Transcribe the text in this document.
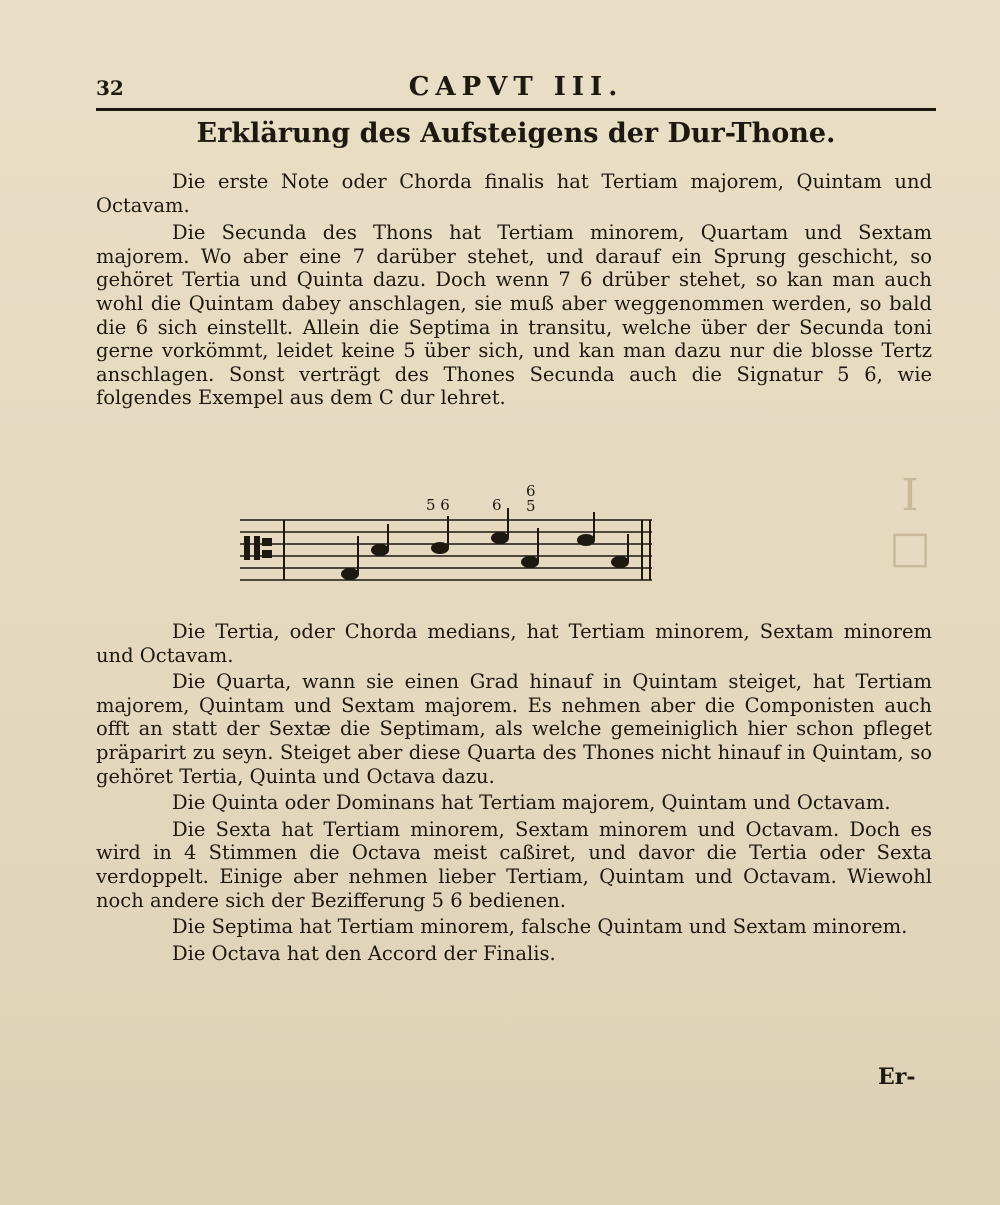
32	CAPVT III.
Erklärung des Aufsteigens der Dur-Thone.

Die erste Note oder Chorda finalis hat Tertiam majorem, Quintam und Octavam.

Die Secunda des Thons hat Tertiam minorem, Quartam und Sextam majorem. Wo aber eine 7 darüber stehet, und darauf ein Sprung geschicht, so gehöret Tertia und Quinta dazu. Doch wenn 7 6 drüber stehet, so kan man auch wohl die Quintam dabey anschlagen, sie muß aber weggenommen werden, so bald die 6 sich einstellt. Allein die Septima in transitu, welche über der Secunda toni gerne vorkömmt, leidet keine 5 über sich, und kan man dazu nur die blosse Tertz anschlagen. Sonst verträgt des Thones Secunda auch die Signatur 5 6, wie folgendes Exempel aus dem C dur lehret.

5 6	6
6
5	I
□

Die Tertia, oder Chorda medians, hat Tertiam minorem, Sextam minorem und Octavam.

Die Quarta, wann sie einen Grad hinauf in Quintam steiget, hat Tertiam majorem, Quintam und Sextam majorem. Es nehmen aber die Componisten auch offt an statt der Sextæ die Septimam, als welche gemeiniglich hier schon pfleget präparirt zu seyn. Steiget aber diese Quarta des Thones nicht hinauf in Quintam, so gehöret Tertia, Quinta und Octava dazu.

Die Quinta oder Dominans hat Tertiam majorem, Quintam und Octavam.

Die Sexta hat Tertiam minorem, Sextam minorem und Octavam. Doch es wird in 4 Stimmen die Octava meist caßiret, und davor die Tertia oder Sexta verdoppelt. Einige aber nehmen lieber Tertiam, Quintam und Octavam. Wiewohl noch andere sich der Bezifferung 5 6 bedienen.

Die Septima hat Tertiam minorem, falsche Quintam und Sextam minorem.

Die Octava hat den Accord der Finalis.

Er-
